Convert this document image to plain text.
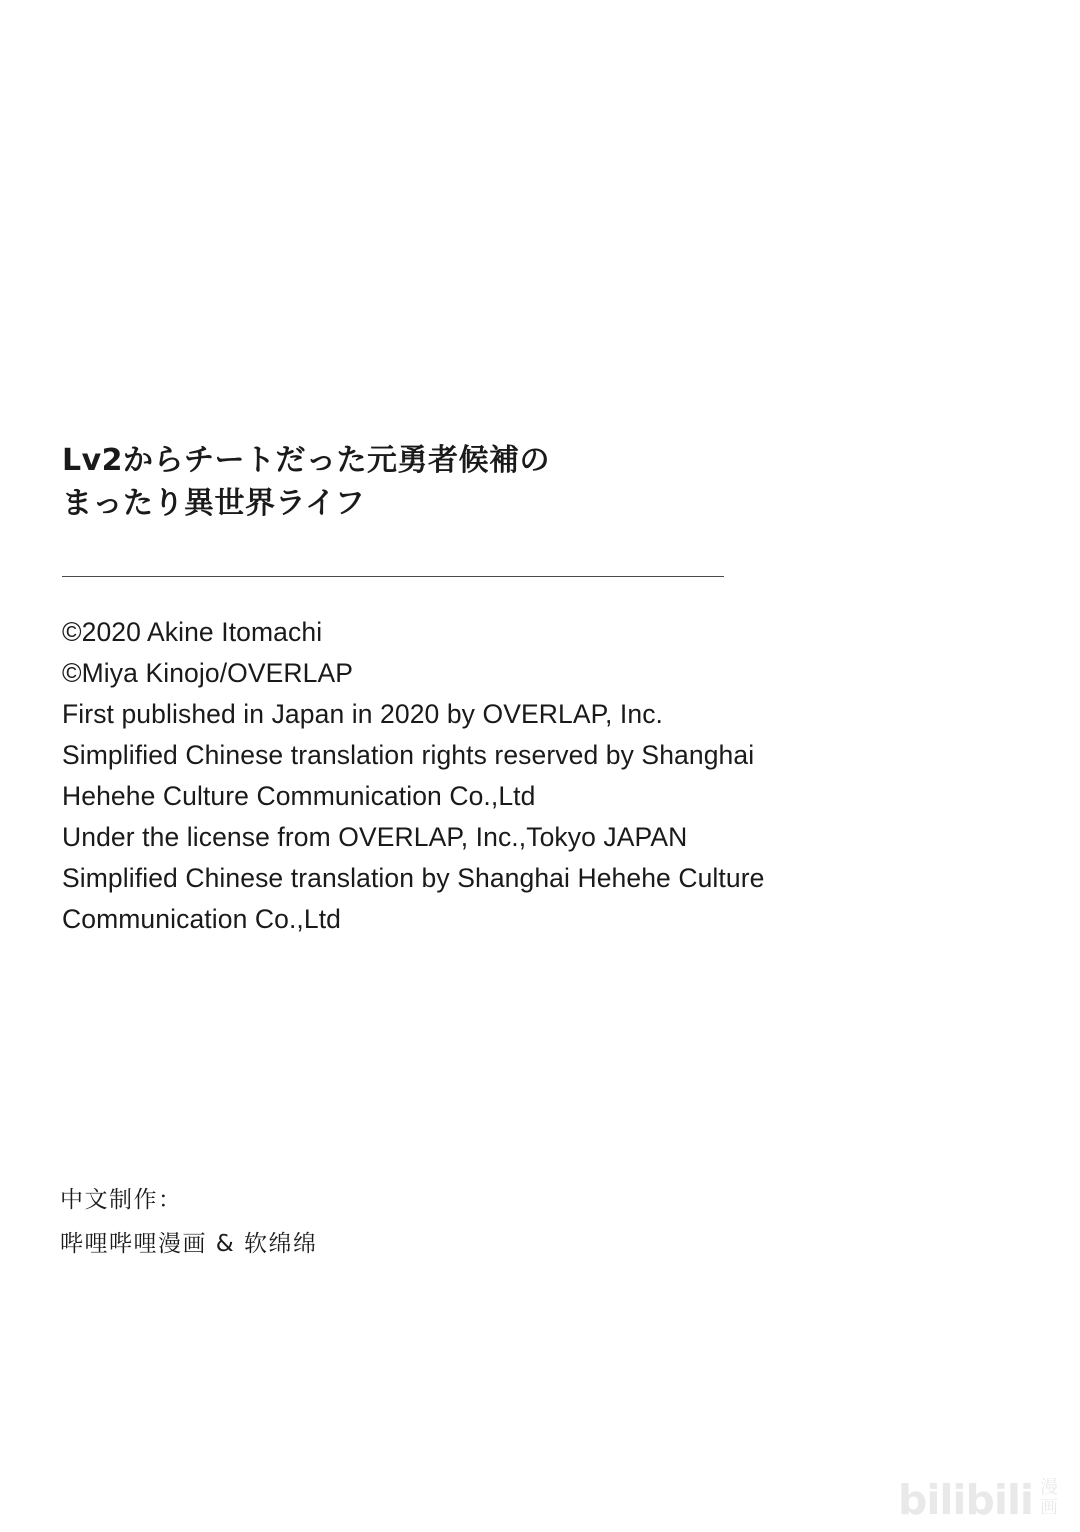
Lv2からチートだった元勇者候補の
まったり異世界ライフ

©2020 Akine Itomachi

©Miya Kinojo/OVERLAP

First published in Japan in 2020 by OVERLAP, Inc.

Simplified Chinese translation rights reserved by Shanghai

Hehehe Culture Communication Co.,Ltd

Under the license from OVERLAP, Inc.,Tokyo JAPAN

Simplified Chinese translation by Shanghai Hehehe Culture

Communication Co.,Ltd

中文制作：

哔哩哔哩漫画 & 软绵绵

bilibili 漫
画
